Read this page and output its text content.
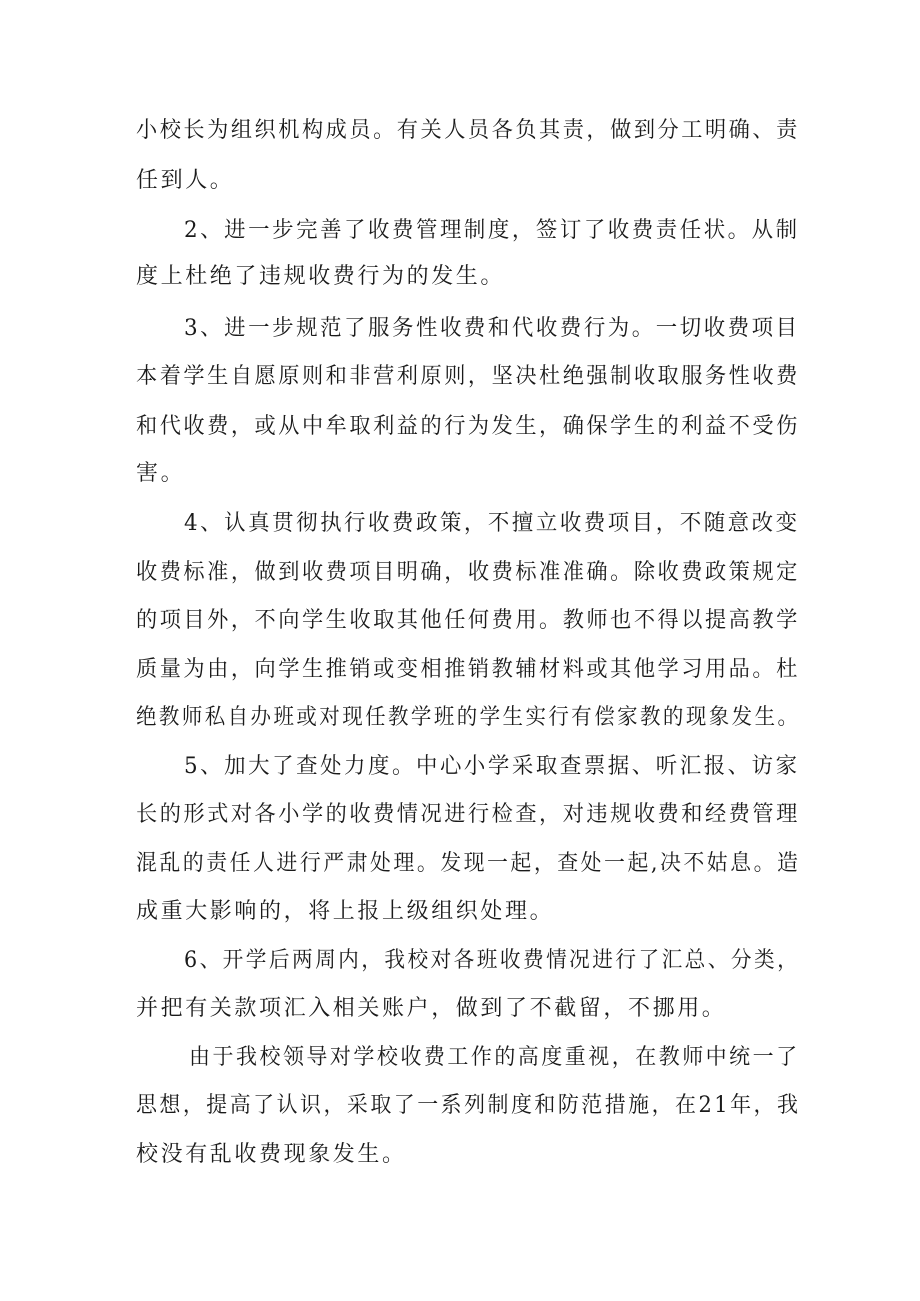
小校长为组织机构成员。有关人员各负其责，做到分工明确、责
任到人。
2、进一步完善了收费管理制度，签订了收费责任状。从制
度上杜绝了违规收费行为的发生。
3、进一步规范了服务性收费和代收费行为。一切收费项目
本着学生自愿原则和非营利原则，坚决杜绝强制收取服务性收费
和代收费，或从中牟取利益的行为发生，确保学生的利益不受伤
害。
4、认真贯彻执行收费政策，不擅立收费项目，不随意改变
收费标准，做到收费项目明确，收费标准准确。除收费政策规定
的项目外，不向学生收取其他任何费用。教师也不得以提高教学
质量为由，向学生推销或变相推销教辅材料或其他学习用品。杜
绝教师私自办班或对现任教学班的学生实行有偿家教的现象发生。
5、加大了查处力度。中心小学采取查票据、听汇报、访家
长的形式对各小学的收费情况进行检查，对违规收费和经费管理
混乱的责任人进行严肃处理。发现一起，查处一起,决不姑息。造
成重大影响的，将上报上级组织处理。
6、开学后两周内，我校对各班收费情况进行了汇总、分类，
并把有关款项汇入相关账户，做到了不截留，不挪用。
由于我校领导对学校收费工作的高度重视，在教师中统一了
思想，提高了认识，采取了一系列制度和防范措施，在21年，我
校没有乱收费现象发生。
